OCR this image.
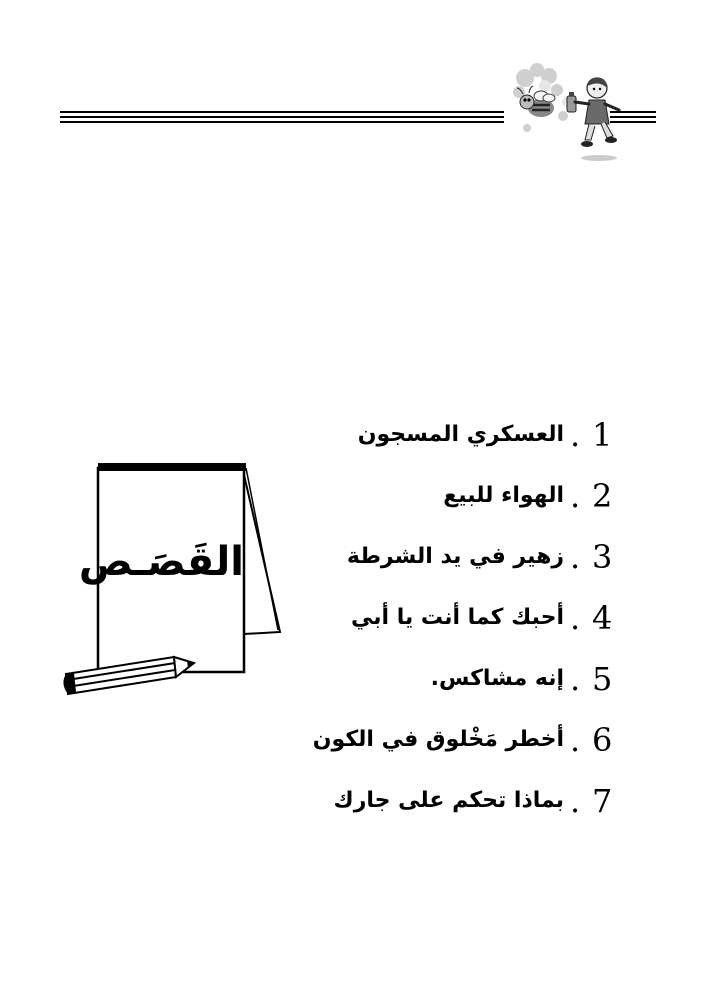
القَصَـص
1
.
العسكري المسجون
2
.
الهواء للبيع
3
.
زهير في يد الشرطة
4
.
أحبك كما أنت يا أبي
5
.
إنه مشاكس.
6
.
أخطر مَخْلوق في الكون
7
.
بماذا تحكم على جارك
